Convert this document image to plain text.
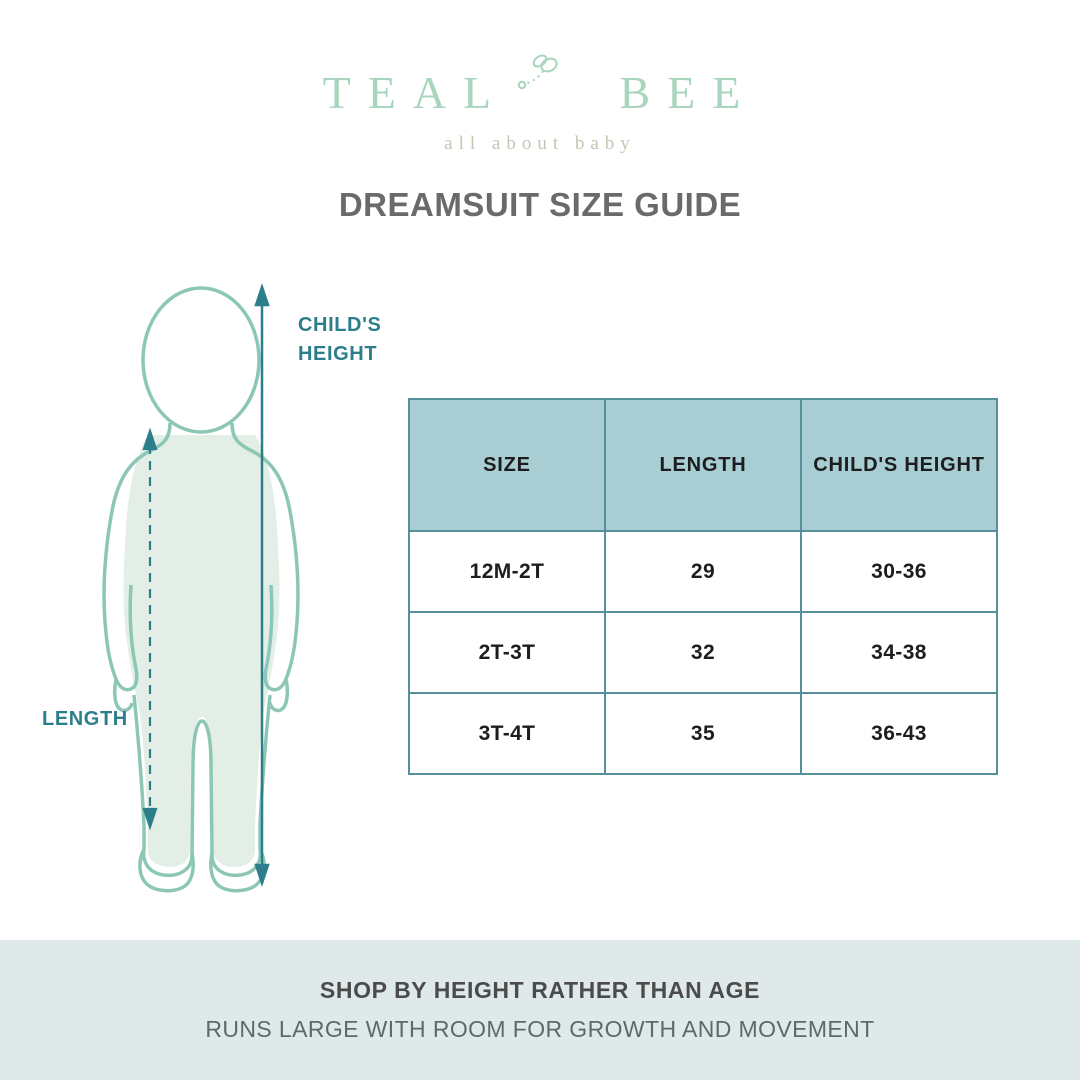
TEAL BEE
all about baby
DREAMSUIT SIZE GUIDE
CHILD'S HEIGHT
LENGTH
SIZE	LENGTH	CHILD'S HEIGHT
12M-2T	29	30-36
2T-3T	32	34-38
3T-4T	35	36-43
SHOP BY HEIGHT RATHER THAN AGE
RUNS LARGE WITH ROOM FOR GROWTH AND MOVEMENT
